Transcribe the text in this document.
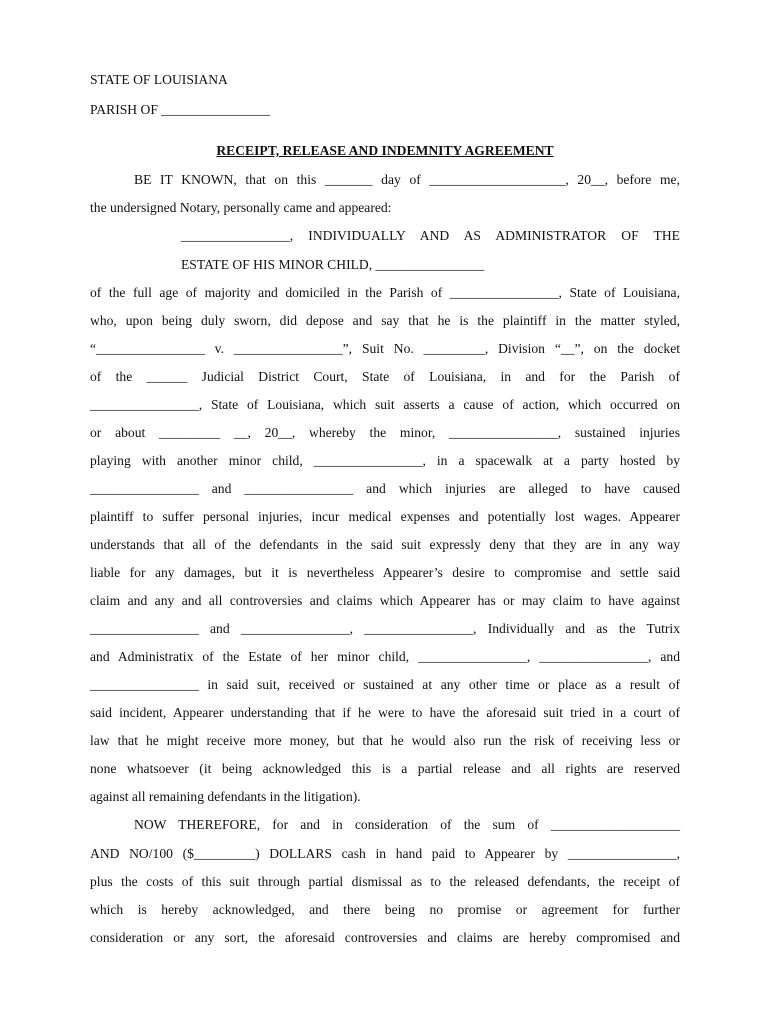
STATE OF LOUISIANA
PARISH OF ________________
RECEIPT, RELEASE AND INDEMNITY AGREEMENT
BE IT KNOWN, that on this _______ day of ____________________, 20__, before me,
the undersigned Notary, personally came and appeared:
________________, INDIVIDUALLY AND AS ADMINISTRATOR OF THE
ESTATE OF HIS MINOR CHILD, ________________
of the full age of majority and domiciled in the Parish of ________________, State of Louisiana,
who, upon being duly sworn, did depose and say that he is the plaintiff in the matter styled,
“________________ v. ________________”, Suit No. _________, Division “__”, on the docket
of the ______ Judicial District Court, State of Louisiana, in and for the Parish of
________________, State of Louisiana, which suit asserts a cause of action, which occurred on
or about _________ __, 20__, whereby the minor, ________________, sustained injuries
playing with another minor child, ________________, in a spacewalk at a party hosted by
________________ and ________________ and which injuries are alleged to have caused
plaintiff to suffer personal injuries, incur medical expenses and potentially lost wages. Appearer
understands that all of the defendants in the said suit expressly deny that they are in any way
liable for any damages, but it is nevertheless Appearer’s desire to compromise and settle said
claim and any and all controversies and claims which Appearer has or may claim to have against
________________ and ________________, ________________, Individually and as the Tutrix
and Administratix of the Estate of her minor child, ________________, ________________, and
________________ in said suit, received or sustained at any other time or place as a result of
said incident, Appearer understanding that if he were to have the aforesaid suit tried in a court of
law that he might receive more money, but that he would also run the risk of receiving less or
none whatsoever (it being acknowledged this is a partial release and all rights are reserved
against all remaining defendants in the litigation).
NOW THEREFORE, for and in consideration of the sum of ___________________
AND NO/100 ($_________) DOLLARS cash in hand paid to Appearer by ________________,
plus the costs of this suit through partial dismissal as to the released defendants, the receipt of
which is hereby acknowledged, and there being no promise or agreement for further
consideration or any sort, the aforesaid controversies and claims are hereby compromised and
